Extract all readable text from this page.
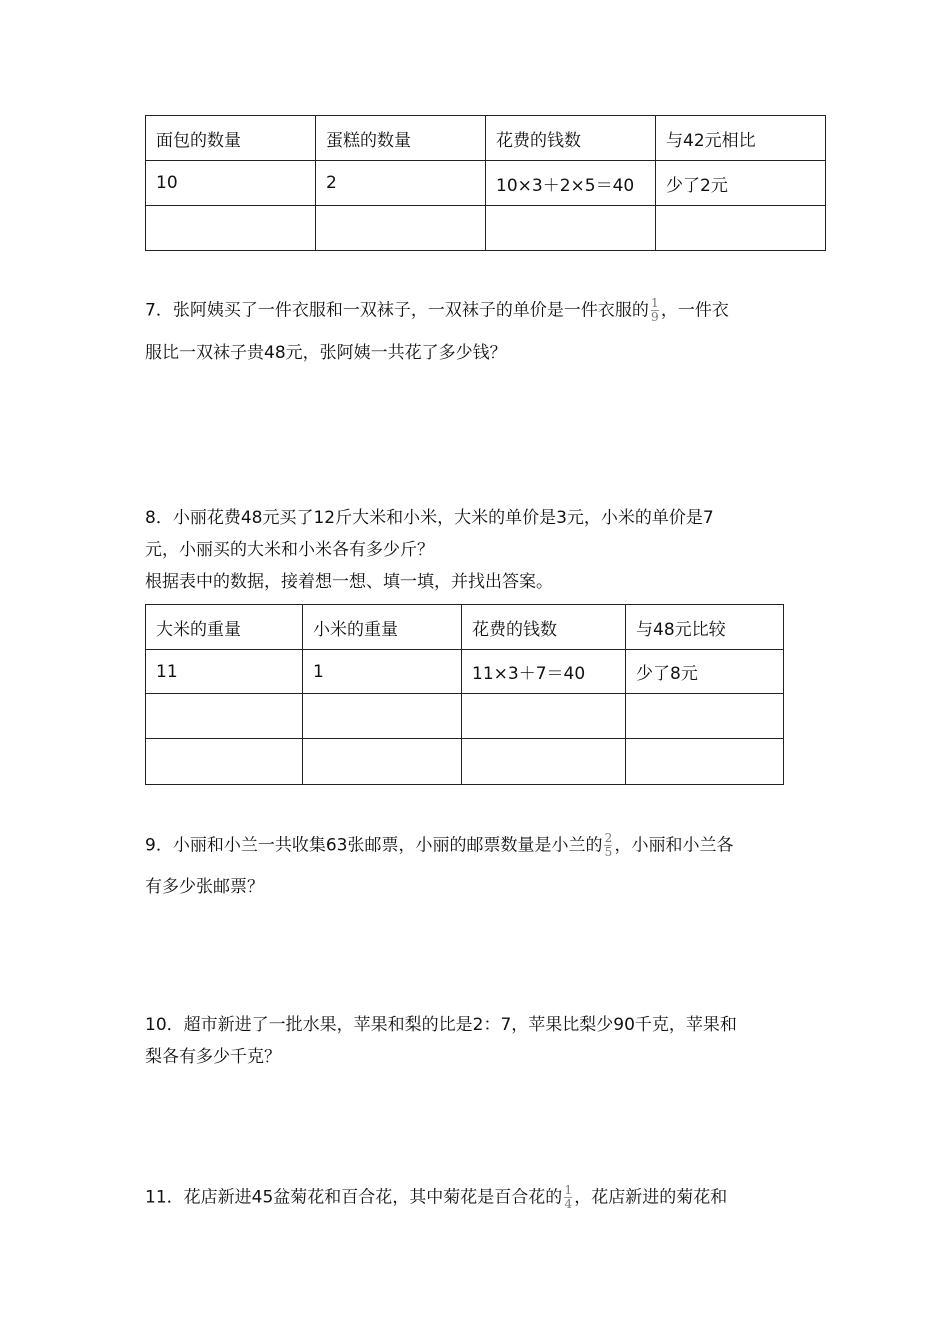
面包的数量	蛋糕的数量	花费的钱数	与42元相比
10	2	10×3＋2×5＝40	少了2元

7．张阿姨买了一件衣服和一双袜子，一双袜子的单价是一件衣服的 $\frac{1}{9}$ ，一件衣
服比一双袜子贵48元，张阿姨一共花了多少钱？
8．小丽花费48元买了12斤大米和小米，大米的单价是3元，小米的单价是7
元，小丽买的大米和小米各有多少斤？
根据表中的数据，接着想一想、填一填，并找出答案。
大米的重量	小米的重量	花费的钱数	与48元比较
11	1	11×3＋7＝40	少了8元

9．小丽和小兰一共收集63张邮票，小丽的邮票数量是小兰的 $\frac{2}{5}$ ，小丽和小兰各
有多少张邮票？
10．超市新进了一批水果，苹果和梨的比是2：7，苹果比梨少90千克，苹果和
梨各有多少千克？
11．花店新进45盆菊花和百合花，其中菊花是百合花的 $\frac{1}{4}$ ，花店新进的菊花和
